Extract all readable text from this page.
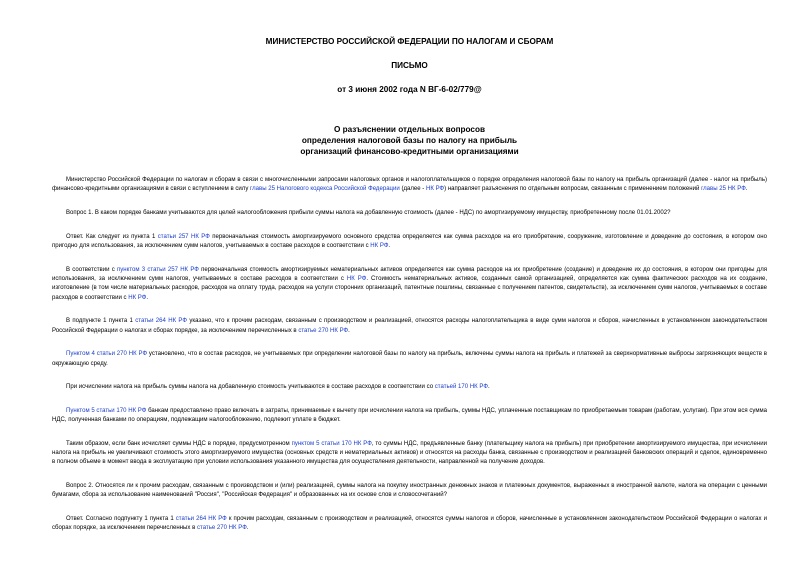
МИНИСТЕРСТВО РОССИЙСКОЙ ФЕДЕРАЦИИ ПО НАЛОГАМ И СБОРАМ
ПИСЬМО
от 3 июня 2002 года N ВГ-6-02/779@
О разъяснении отдельных вопросов
определения налоговой базы по налогу на прибыль
организаций финансово-кредитными организациями

Министерство Российской Федерации по налогам и сборам в связи с многочисленными запросами налоговых органов и налогоплательщиков о порядке определения налоговой базы по налогу на прибыль организаций (далее - налог на прибыль) финансово-кредитными организациями в связи с вступлением в силу главы 25 Налогового кодекса Российской Федерации (далее - НК РФ) направляет разъяснения по отдельным вопросам, связанным с применением положений главы 25 НК РФ.

Вопрос 1. В каком порядке банками учитываются для целей налогообложения прибыли суммы налога на добавленную стоимость (далее - НДС) по амортизируемому имуществу, приобретенному после 01.01.2002?

Ответ. Как следует из пункта 1 статьи 257 НК РФ первоначальная стоимость амортизируемого основного средства определяется как сумма расходов на его приобретение, сооружение, изготовление и доведение до состояния, в котором оно пригодно для использования, за исключением сумм налогов, учитываемых в составе расходов в соответствии с НК РФ.

В соответствии с пунктом 3 статьи 257 НК РФ первоначальная стоимость амортизируемых нематериальных активов определяется как сумма расходов на их приобретение (создание) и доведение их до состояния, в котором они пригодны для использования, за исключением сумм налогов, учитываемых в составе расходов в соответствии с НК РФ. Стоимость нематериальных активов, созданных самой организацией, определяется как сумма фактических расходов на их создание, изготовление (в том числе материальных расходов, расходов на оплату труда, расходов на услуги сторонних организаций, патентные пошлины, связанные с получением патентов, свидетельств), за исключением сумм налогов, учитываемых в составе расходов в соответствии с НК РФ.

В подпункте 1 пункта 1 статьи 264 НК РФ указано, что к прочим расходам, связанным с производством и реализацией, относятся расходы налогоплательщика в виде сумм налогов и сборов, начисленных в установленном законодательством Российской Федерации о налогах и сборах порядке, за исключением перечисленных в статье 270 НК РФ.

Пунктом 4 статьи 270 НК РФ установлено, что в состав расходов, не учитываемых при определении налоговой базы по налогу на прибыль, включены суммы налога на прибыль и платежей за сверхнормативные выбросы загрязняющих веществ в окружающую среду.

При исчислении налога на прибыль суммы налога на добавленную стоимость учитываются в составе расходов в соответствии со статьей 170 НК РФ.

Пунктом 5 статьи 170 НК РФ банкам предоставлено право включать в затраты, принимаемые к вычету при исчислении налога на прибыль, суммы НДС, уплаченные поставщикам по приобретаемым товарам (работам, услугам). При этом вся сумма НДС, полученная банками по операциям, подлежащим налогообложению, подлежит уплате в бюджет.

Таким образом, если банк исчисляет суммы НДС в порядке, предусмотренном пунктом 5 статьи 170 НК РФ, то суммы НДС, предъявленные банку (плательщику налога на прибыль) при приобретении амортизируемого имущества, при исчислении налога на прибыль не увеличивают стоимость этого амортизируемого имущества (основных средств и нематериальных активов) и относятся на расходы банка, связанные с производством и реализацией банковских операций и сделок, единовременно в полном объеме в момент ввода в эксплуатацию при условии использования указанного имущества для осуществления деятельности, направленной на получение доходов.

Вопрос 2. Относятся ли к прочим расходам, связанным с производством и (или) реализацией, суммы налога на покупку иностранных денежных знаков и платежных документов, выраженных в иностранной валюте, налога на операции с ценными бумагами, сбора за использование наименований "Россия", "Российская Федерация" и образованных на их основе слов и словосочетаний?

Ответ. Согласно подпункту 1 пункта 1 статьи 264 НК РФ к прочим расходам, связанным с производством и реализацией, относятся суммы налогов и сборов, начисленные в установленном законодательством Российской Федерации о налогах и сборах порядке, за исключением перечисленных в статье 270 НК РФ.
